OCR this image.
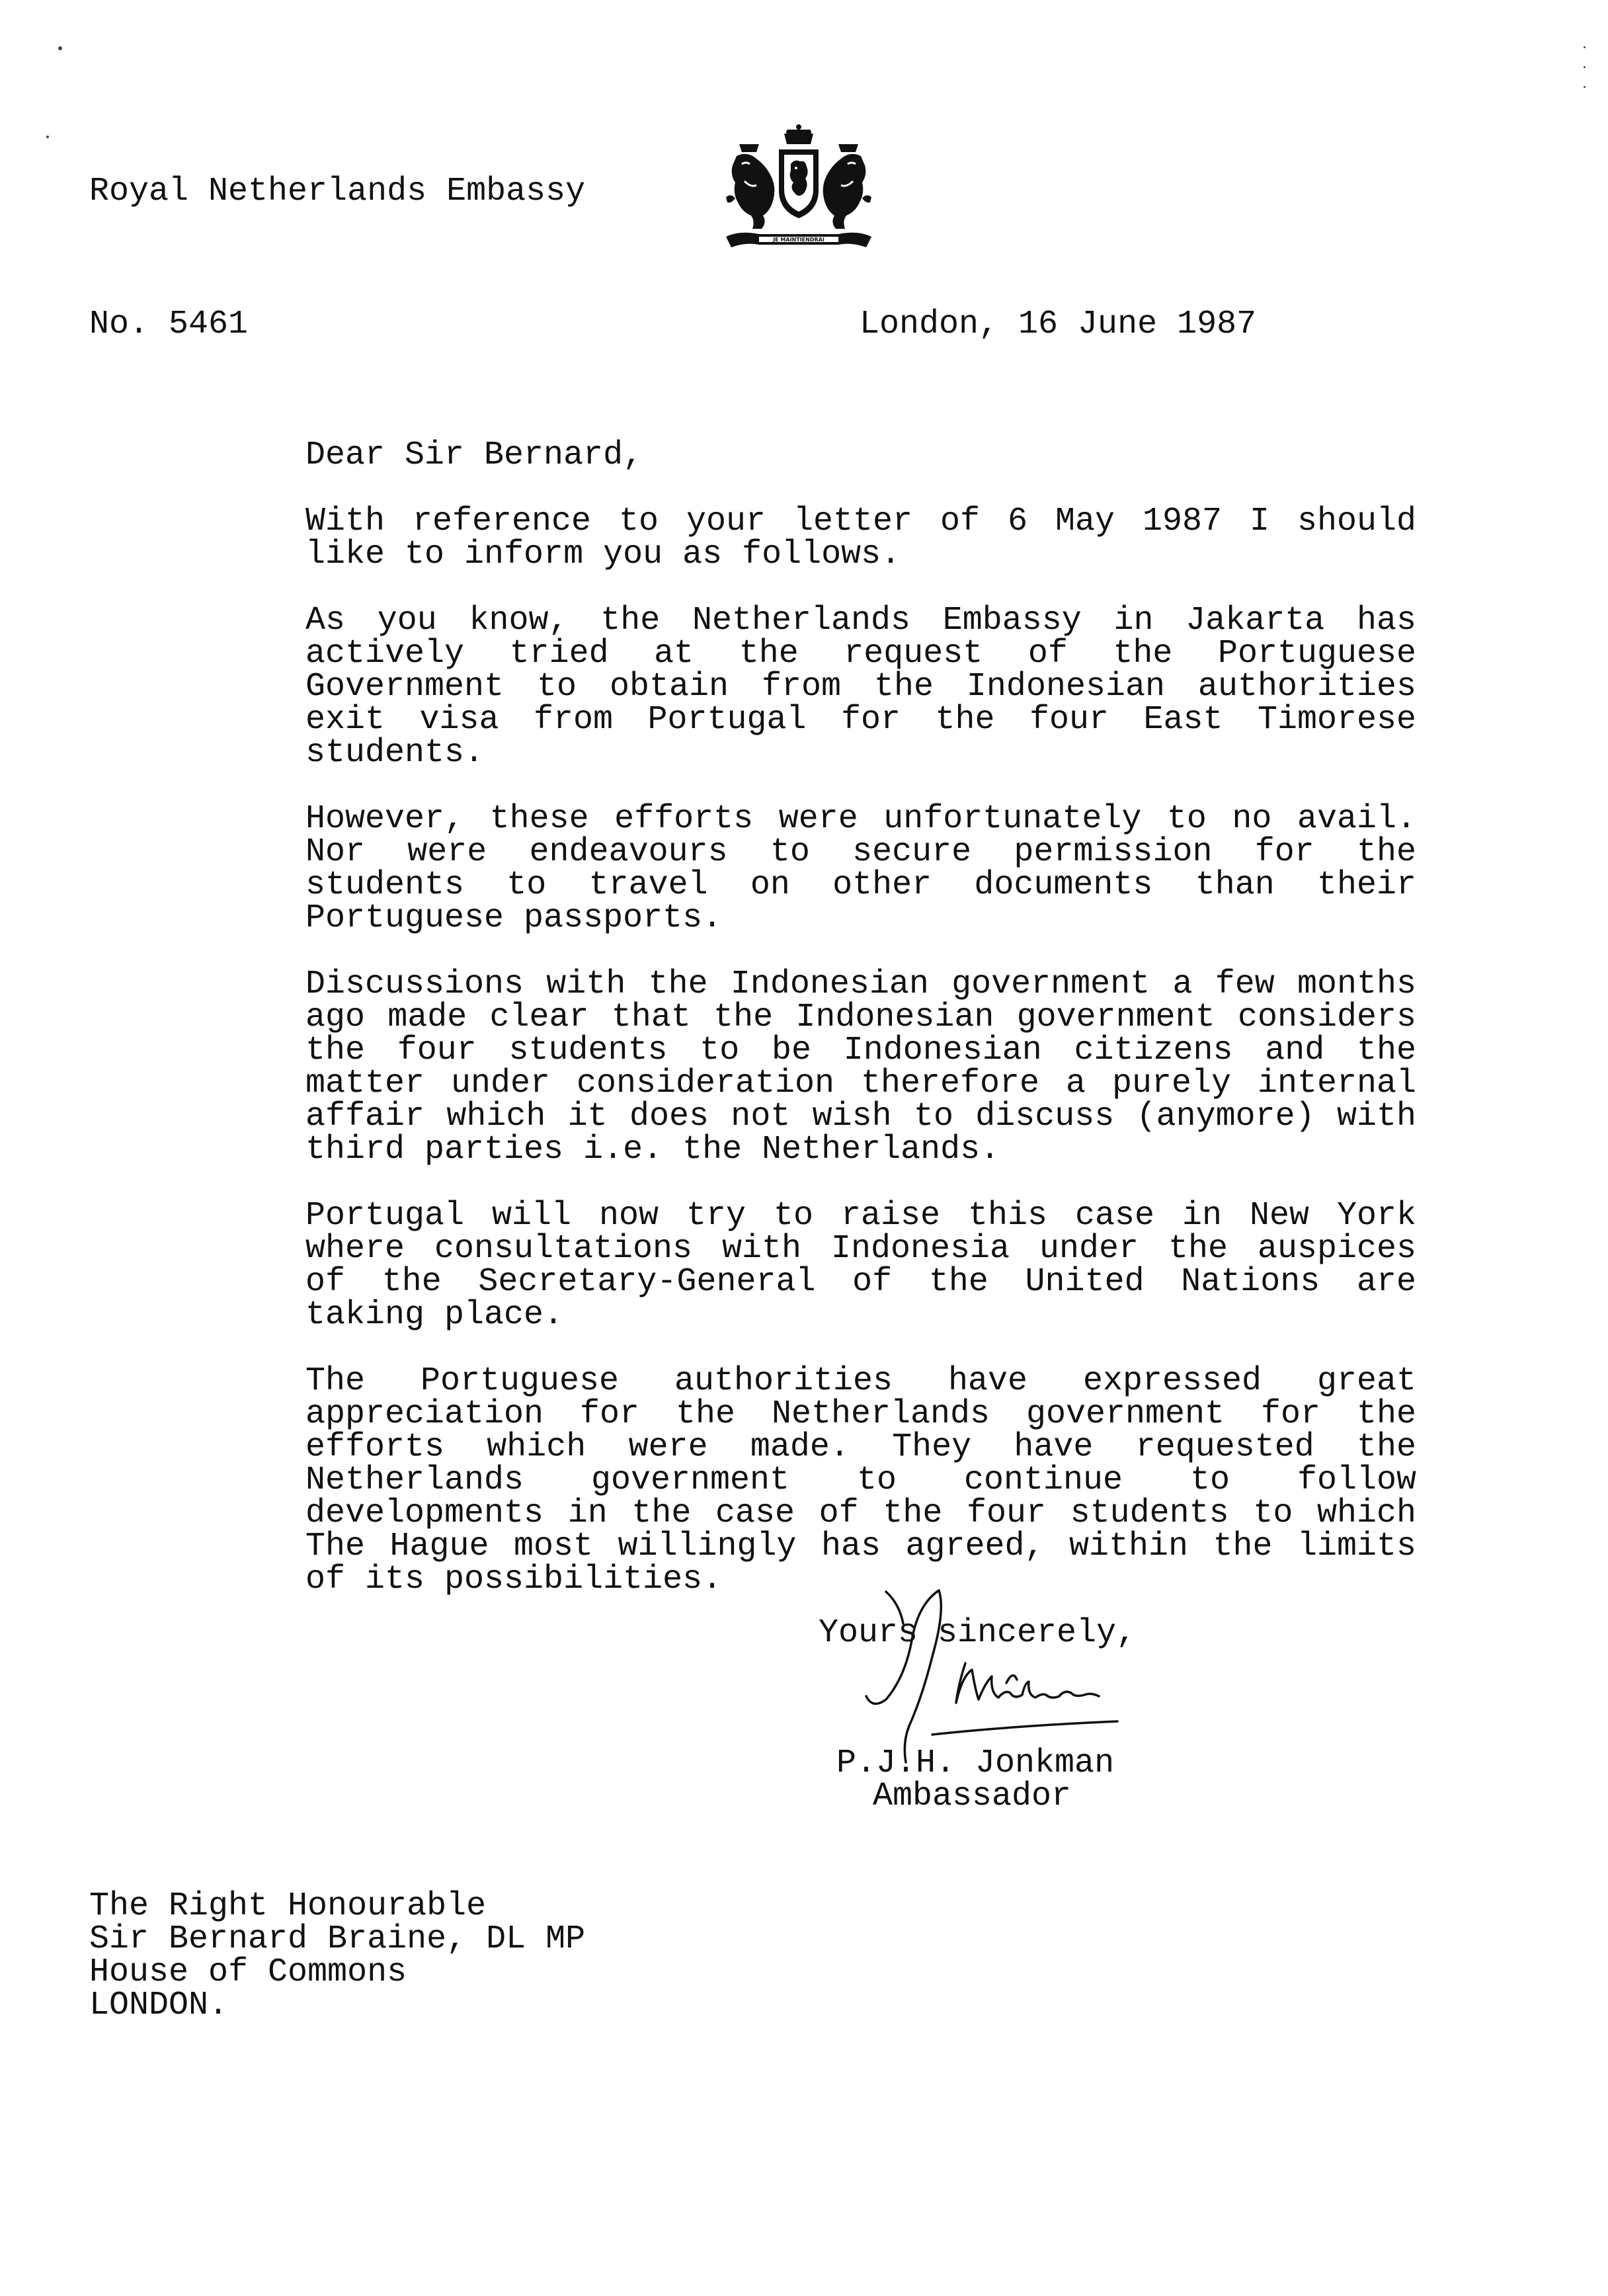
Royal Netherlands Embassy
JE MAINTIENDRAI
No. 5461	London, 16 June 1987
Dear Sir Bernard,

With reference to your letter of 6 May 1987 I should like to inform you as follows.

As you know, the Netherlands Embassy in Jakarta has actively tried at the request of the Portuguese Government to obtain from the Indonesian authorities exit visa from Portugal for the four East Timorese students.

However, these efforts were unfortunately to no avail. Nor were endeavours to secure permission for the students to travel on other documents than their Portuguese passports.

Discussions with the Indonesian government a few months ago made clear that the Indonesian government considers the four students to be Indonesian citizens and the matter under consideration therefore a purely internal affair which it does not wish to discuss (anymore) with third parties i.e. the Netherlands.

Portugal will now try to raise this case in New York where consultations with Indonesia under the auspices of the Secretary-General of the United Nations are taking place.

The Portuguese authorities have expressed great appreciation for the Netherlands government for the efforts which were made. They have requested the Netherlands government to continue to follow developments in the case of the four students to which The Hague most willingly has agreed, within the limits of its possibilities.

Yours sincerely,
P.J.H. Jonkman
Ambassador
The Right Honourable
Sir Bernard Braine, DL MP
House of Commons
LONDON.
